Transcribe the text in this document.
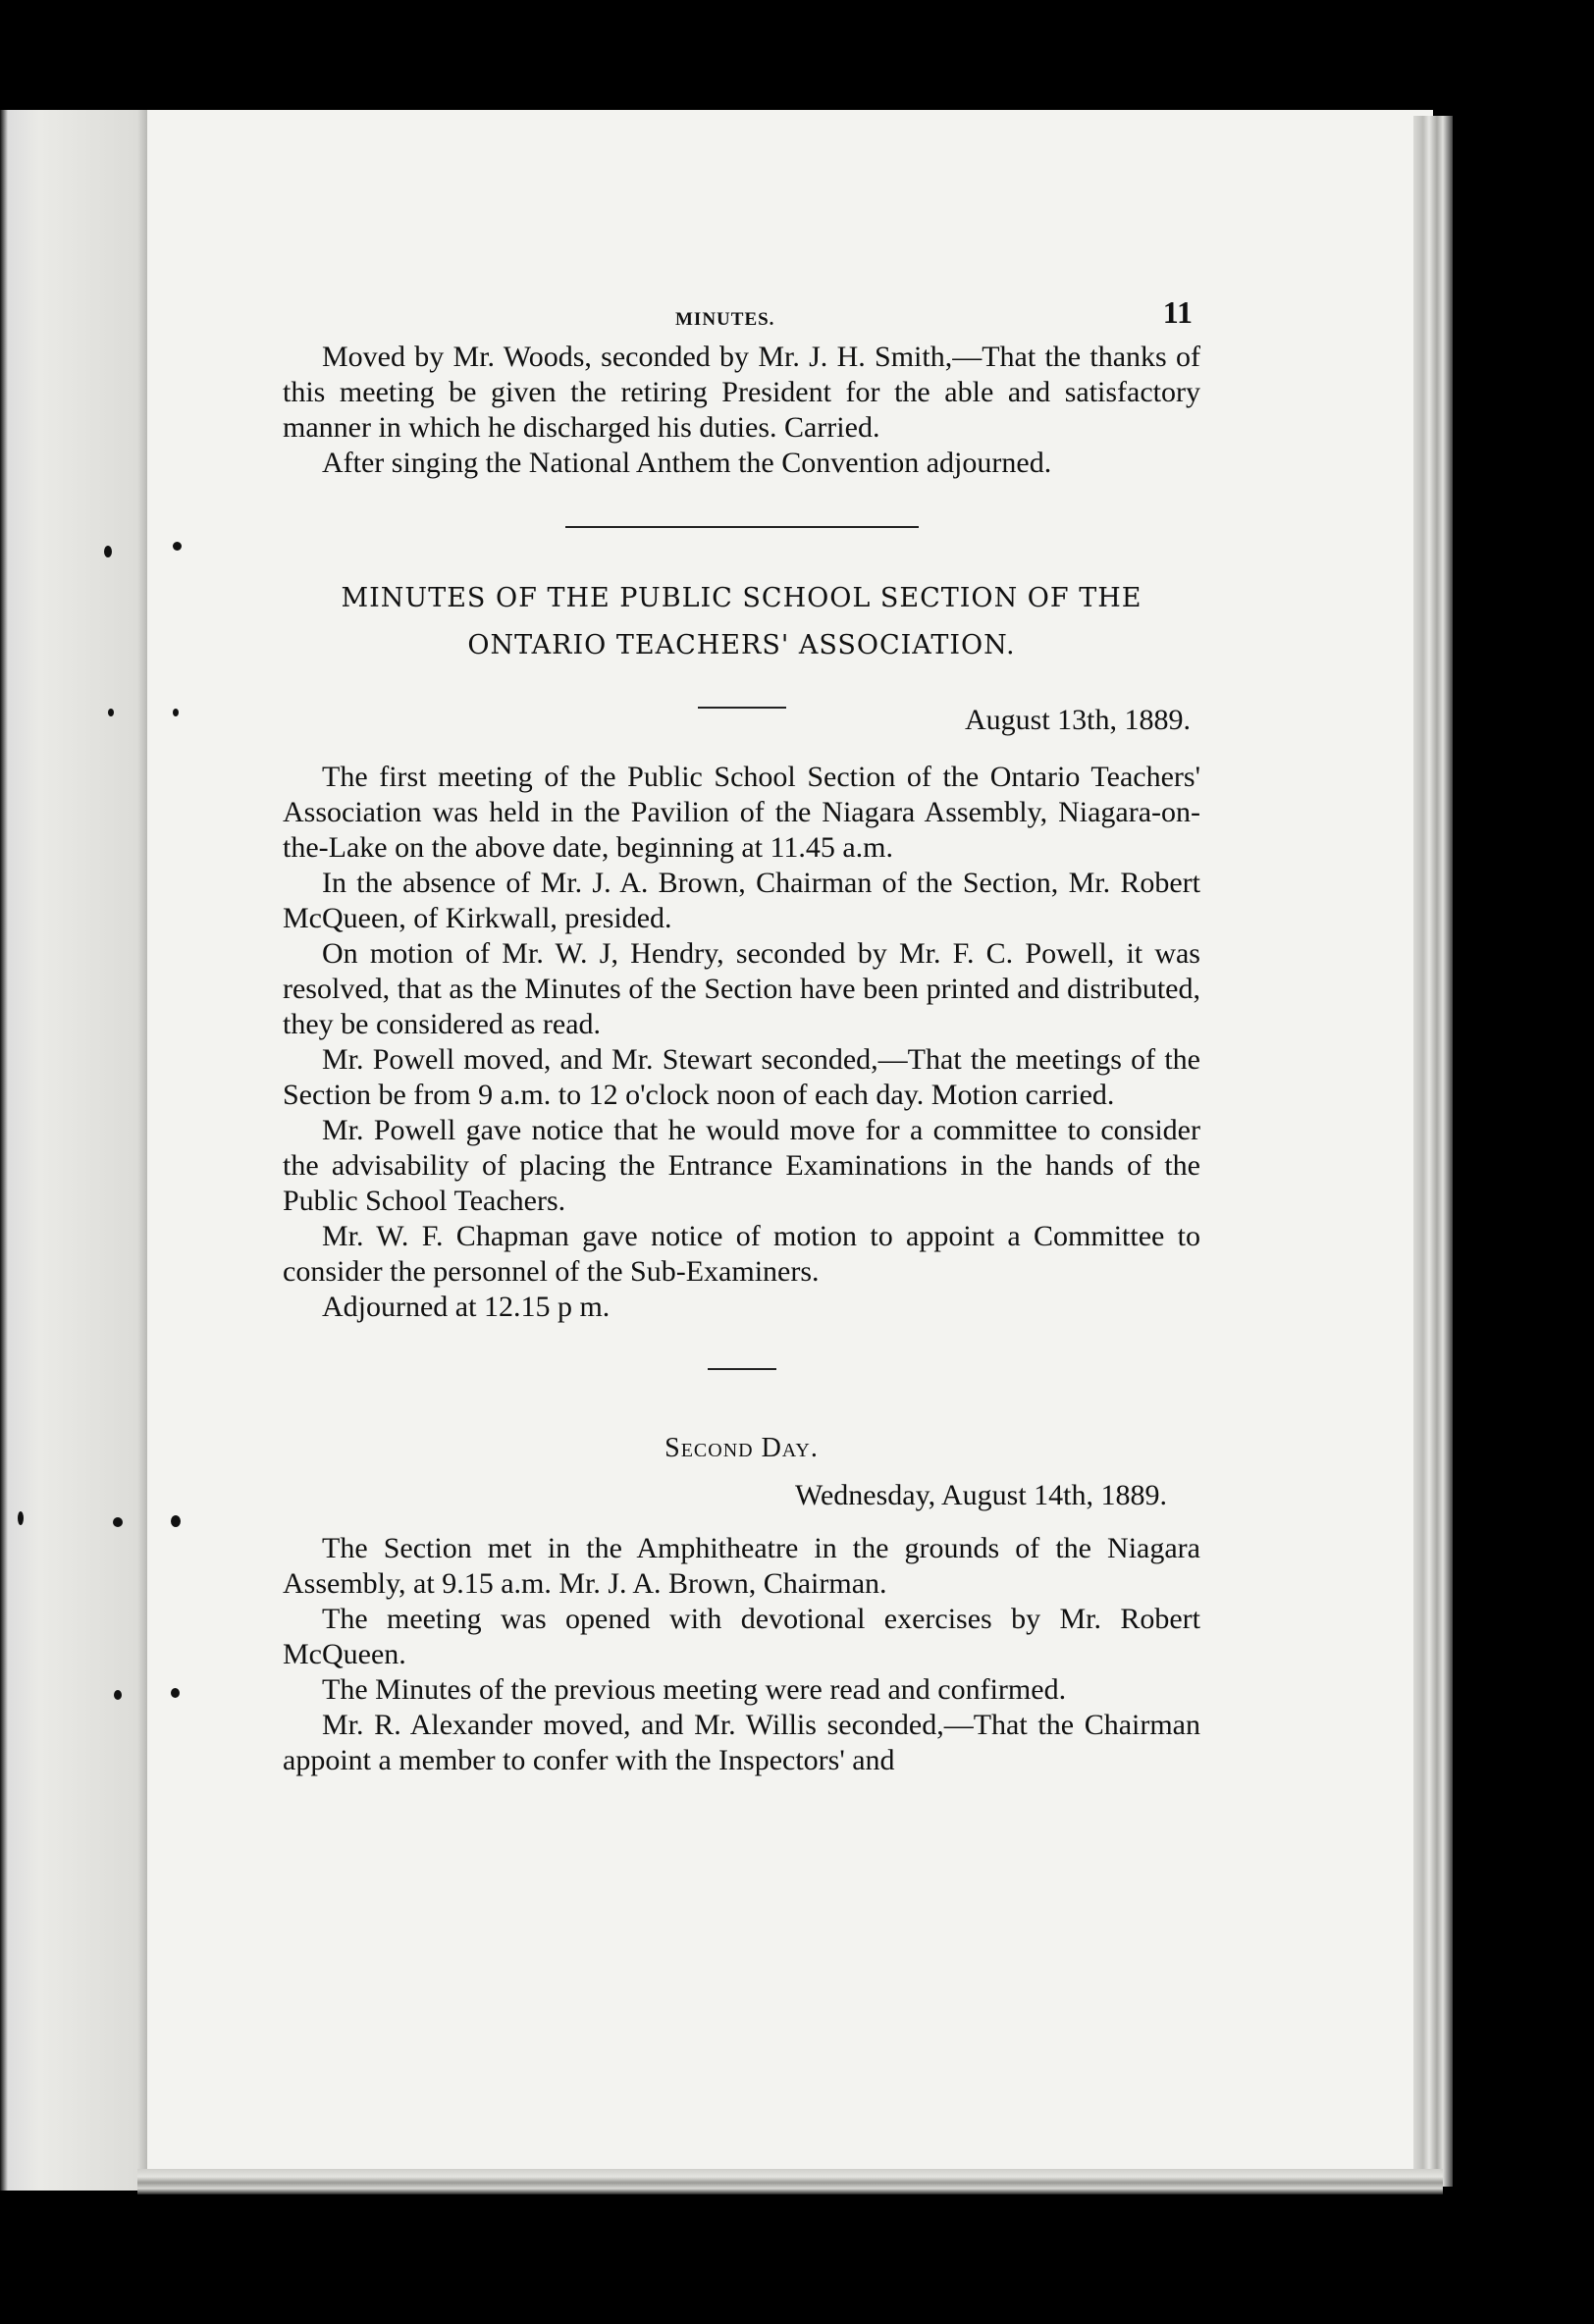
MINUTES.	11

Moved by Mr. Woods, seconded by Mr. J. H. Smith,—That the thanks of this meeting be given the retiring President for the able and satisfactory manner in which he discharged his duties. Carried.

After singing the National Anthem the Convention adjourned.

MINUTES OF THE PUBLIC SCHOOL SECTION OF THE
ONTARIO TEACHERS' ASSOCIATION.
August 13th, 1889.

The first meeting of the Public School Section of the Ontario Teachers' Association was held in the Pavilion of the Niagara Assembly, Niagara-on-the-Lake on the above date, beginning at 11.45 a.m.

In the absence of Mr. J. A. Brown, Chairman of the Section, Mr. Robert McQueen, of Kirkwall, presided.

On motion of Mr. W. J, Hendry, seconded by Mr. F. C. Powell, it was resolved, that as the Minutes of the Section have been printed and distributed, they be considered as read.

Mr. Powell moved, and Mr. Stewart seconded,—That the meetings of the Section be from 9 a.m. to 12 o'clock noon of each day. Motion carried.

Mr. Powell gave notice that he would move for a committee to consider the advisability of placing the Entrance Examinations in the hands of the Public School Teachers.

Mr. W. F. Chapman gave notice of motion to appoint a Committee to consider the personnel of the Sub-Examiners.

Adjourned at 12.15 p m.

Second Day.
Wednesday, August 14th, 1889.

The Section met in the Amphitheatre in the grounds of the Niagara Assembly, at 9.15 a.m. Mr. J. A. Brown, Chairman.

The meeting was opened with devotional exercises by Mr. Robert McQueen.

The Minutes of the previous meeting were read and confirmed.

Mr. R. Alexander moved, and Mr. Willis seconded,—That the Chairman appoint a member to confer with the Inspectors' and
